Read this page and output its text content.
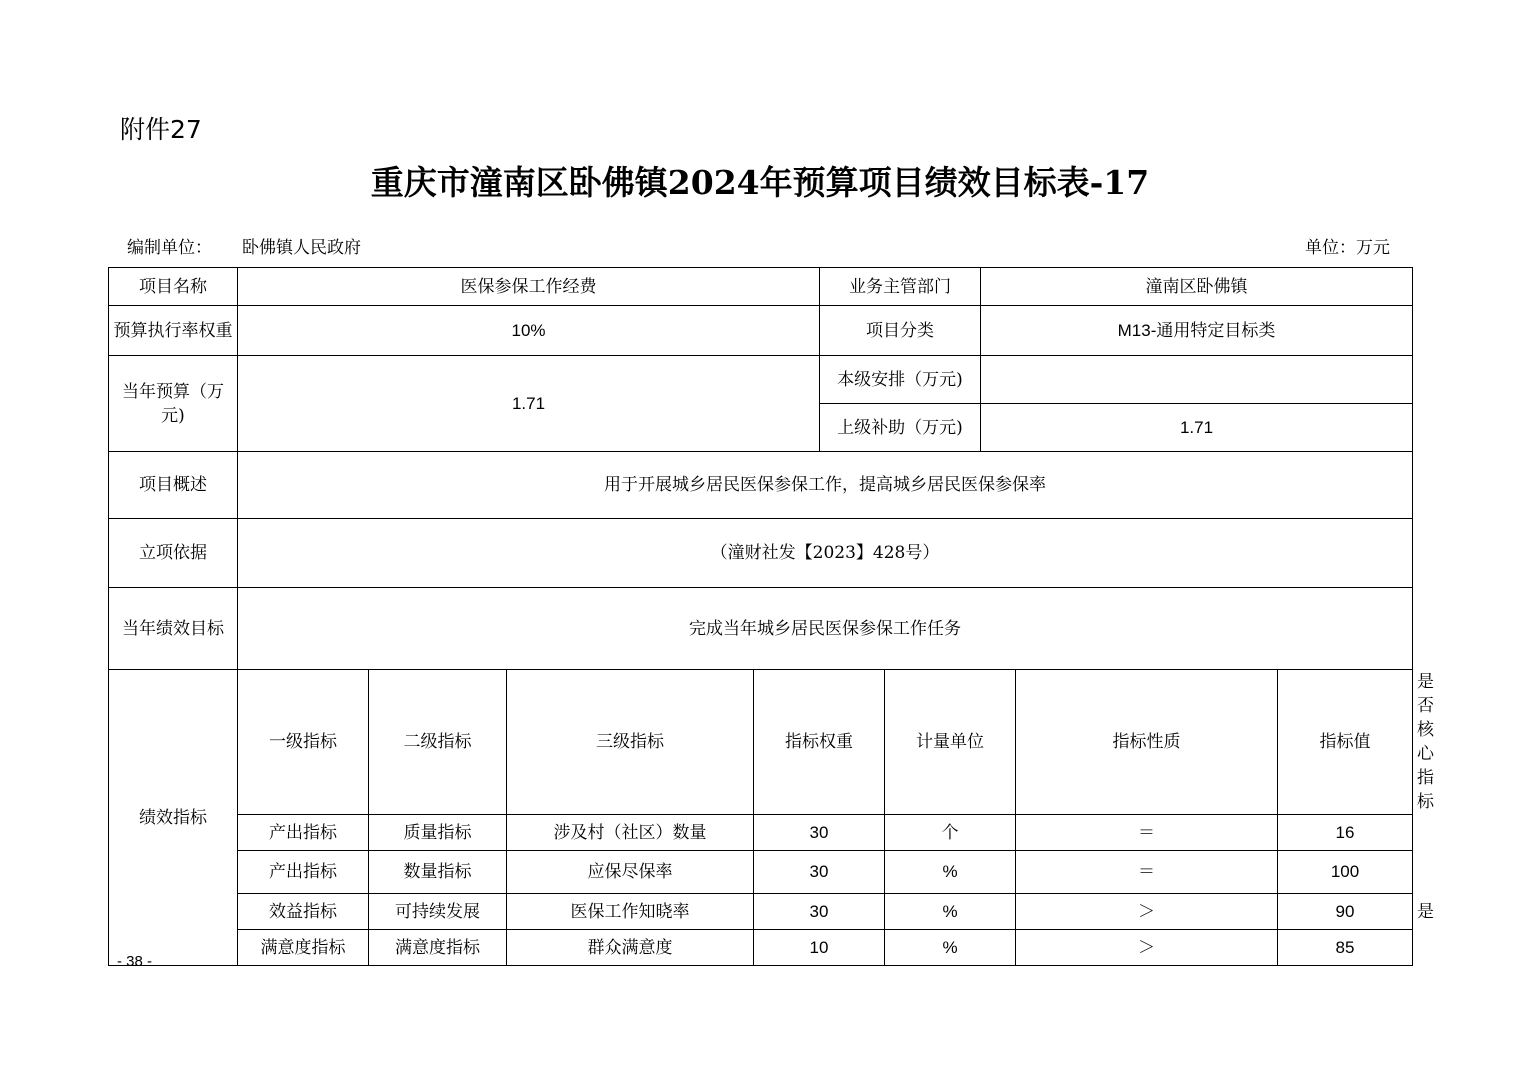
附件27
重庆市潼南区卧佛镇2024年预算项目绩效目标表-17
编制单位： 卧佛镇人民政府	单位：万元
项目名称	医保参保工作经费				业务主管部门		潼南区卧佛镇			
预算执行率权重	10%				项目分类		M13-通用特定目标类			
当年预算（万元)	1.71				本级安排（万元)					
					上级补助（万元)		1.71			
项目概述	用于开展城乡居民医保参保工作，提高城乡居民医保参保率									
立项依据	（潼财社发【2023】428号）									
当年绩效目标	完成当年城乡居民医保参保工作任务									
绩效指标	一级指标	二级指标	三级指标	指标权重		计量单位		指标性质	指标值	是否核心指标
	产出指标	质量指标	涉及村（社区）数量	30		个		＝	16	
	产出指标	数量指标	应保尽保率	30		%		＝	100	
	效益指标	可持续发展	医保工作知晓率	30		%		＞	90	是
	满意度指标	满意度指标	群众满意度	10		%		＞	85	
- 38 -
